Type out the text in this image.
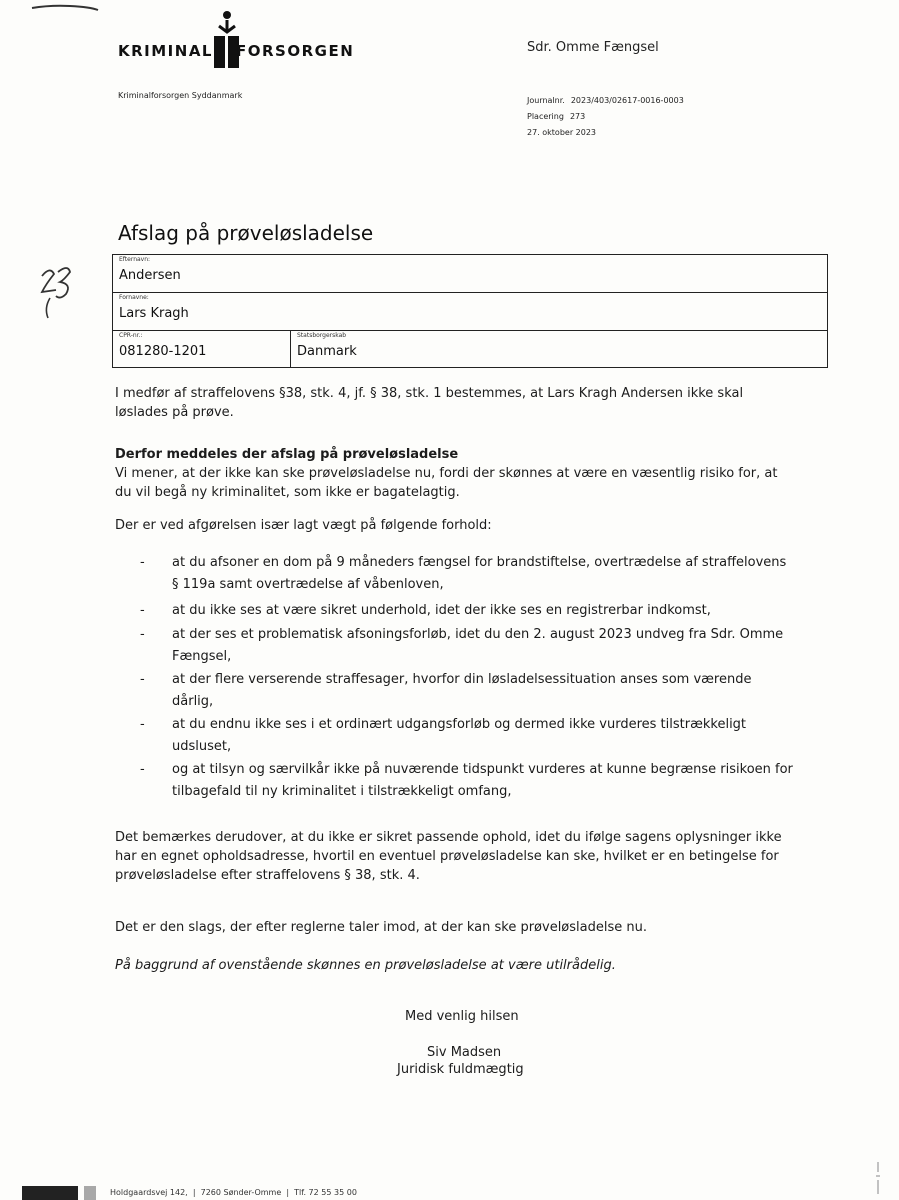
KRIMINAL FORSORGEN
Kriminalforsorgen Syddanmark
Sdr. Omme Fængsel
Journalnr. 2023/403/02617-0016-0003
Placering 273
27. oktober 2023
Afslag på prøveløsladelse
Efternavn:
Andersen
Fornavne:
Lars Kragh
CPR-nr.:
081280-1201
Statsborgerskab
Danmark
I medfør af straffelovens §38, stk. 4, jf. § 38, stk. 1 bestemmes, at Lars Kragh Andersen ikke skal
løslades på prøve.
Derfor meddeles der afslag på prøveløsladelse
Vi mener, at der ikke kan ske prøveløsladelse nu, fordi der skønnes at være en væsentlig risiko for, at
du vil begå ny kriminalitet, som ikke er bagatelagtig.
Der er ved afgørelsen især lagt vægt på følgende forhold:
- at du afsoner en dom på 9 måneders fængsel for brandstiftelse, overtrædelse af straffelovens
§ 119a samt overtrædelse af våbenloven,
- at du ikke ses at være sikret underhold, idet der ikke ses en registrerbar indkomst,
- at der ses et problematisk afsoningsforløb, idet du den 2. august 2023 undveg fra Sdr. Omme
Fængsel,
- at der flere verserende straffesager, hvorfor din løsladelsessituation anses som værende
dårlig,
- at du endnu ikke ses i et ordinært udgangsforløb og dermed ikke vurderes tilstrækkeligt
udsluset,
- og at tilsyn og særvilkår ikke på nuværende tidspunkt vurderes at kunne begrænse risikoen for
tilbagefald til ny kriminalitet i tilstrækkeligt omfang,
Det bemærkes derudover, at du ikke er sikret passende ophold, idet du ifølge sagens oplysninger ikke
har en egnet opholdsadresse, hvortil en eventuel prøveløsladelse kan ske, hvilket er en betingelse for
prøveløsladelse efter straffelovens § 38, stk. 4.
Det er den slags, der efter reglerne taler imod, at der kan ske prøveløsladelse nu.
På baggrund af ovenstående skønnes en prøveløsladelse at være utilrådelig.
Med venlig hilsen
Siv Madsen
Juridisk fuldmægtig
Holdgaardsvej 142,  |  7260 Sønder-Omme  |  Tlf. 72 55 35 00
